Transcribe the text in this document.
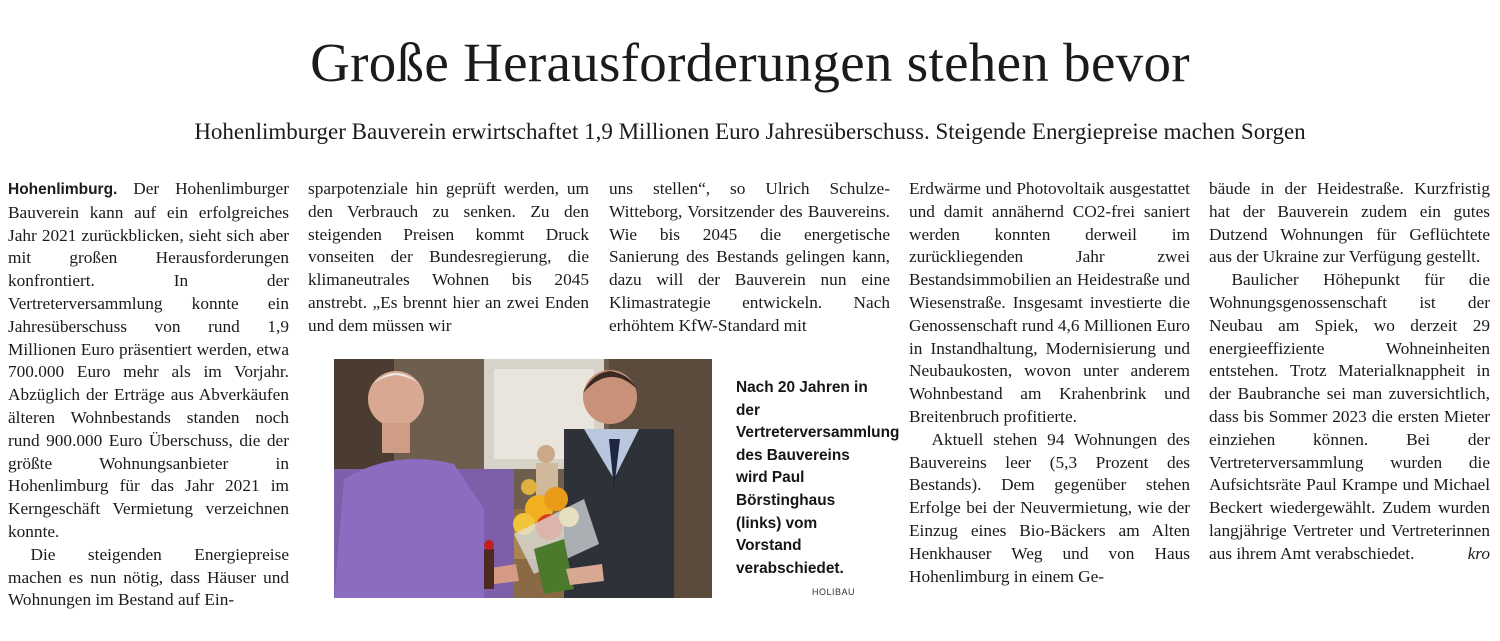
Große Herausforderungen stehen bevor
Hohenlimburger Bauverein erwirtschaftet 1,9 Millionen Euro Jahresüberschuss. Steigende Energiepreise machen Sorgen

Hohenlimburg. Der Hohenlimburger Bauverein kann auf ein erfolgreiches Jahr 2021 zurückblicken, sieht sich aber mit großen Herausforderungen konfrontiert. In der Vertreterversammlung konnte ein Jahresüberschuss von rund 1,9 Millionen Euro präsentiert werden, etwa 700.000 Euro mehr als im Vorjahr. Abzüglich der Erträge aus Abverkäufen älteren Wohnbestands standen noch rund 900.000 Euro Überschuss, die der größte Wohnungsanbieter in Hohenlimburg für das Jahr 2021 im Kerngeschäft Vermietung verzeichnen konnte.

Die steigenden Energiepreise machen es nun nötig, dass Häuser und Wohnungen im Bestand auf Ein-

sparpotenziale hin geprüft werden, um den Verbrauch zu senken. Zu den steigenden Preisen kommt Druck vonseiten der Bundesregierung, die klimaneutrales Wohnen bis 2045 anstrebt. „Es brennt hier an zwei Enden und dem müssen wir

uns stellen“, so Ulrich Schulze-Witteborg, Vorsitzender des Bauvereins. Wie bis 2045 die energetische Sanierung des Bestands gelingen kann, dazu will der Bauverein nun eine Klimastrategie entwickeln. Nach erhöhtem KfW-Standard mit

Erdwärme und Photovoltaik ausgestattet und damit annähernd CO2-frei saniert werden konnten derweil im zurückliegenden Jahr zwei Bestandsimmobilien an Heidestraße und Wiesenstraße. Insgesamt investierte die Genossenschaft rund 4,6 Millionen Euro in Instandhaltung, Modernisierung und Neubaukosten, wovon unter anderem Wohnbestand am Krahenbrink und Breitenbruch profitierte.

Aktuell stehen 94 Wohnungen des Bauvereins leer (5,3 Prozent des Bestands). Dem gegenüber stehen Erfolge bei der Neuvermietung, wie der Einzug eines Bio-Bäckers am Alten Henkhauser Weg und von Haus Hohenlimburg in einem Ge-

bäude in der Heidestraße. Kurzfristig hat der Bauverein zudem ein gutes Dutzend Wohnungen für Geflüchtete aus der Ukraine zur Verfügung gestellt.

Baulicher Höhepunkt für die Wohnungsgenossenschaft ist der Neubau am Spiek, wo derzeit 29 energieeffiziente Wohneinheiten entstehen. Trotz Materialknappheit in der Baubranche sei man zuversichtlich, dass bis Sommer 2023 die ersten Mieter einziehen können. Bei der Vertreterversammlung wurden die Aufsichtsräte Paul Krampe und Michael Beckert wiedergewählt. Zudem wurden langjährige Vertreter und Vertreterinnen aus ihrem Amt verabschiedet.	kro

Nach 20 Jahren in der Vertreterversammlung des Bauvereins wird Paul Börstinghaus (links) vom Vorstand verabschiedet.

HOLIBAU
